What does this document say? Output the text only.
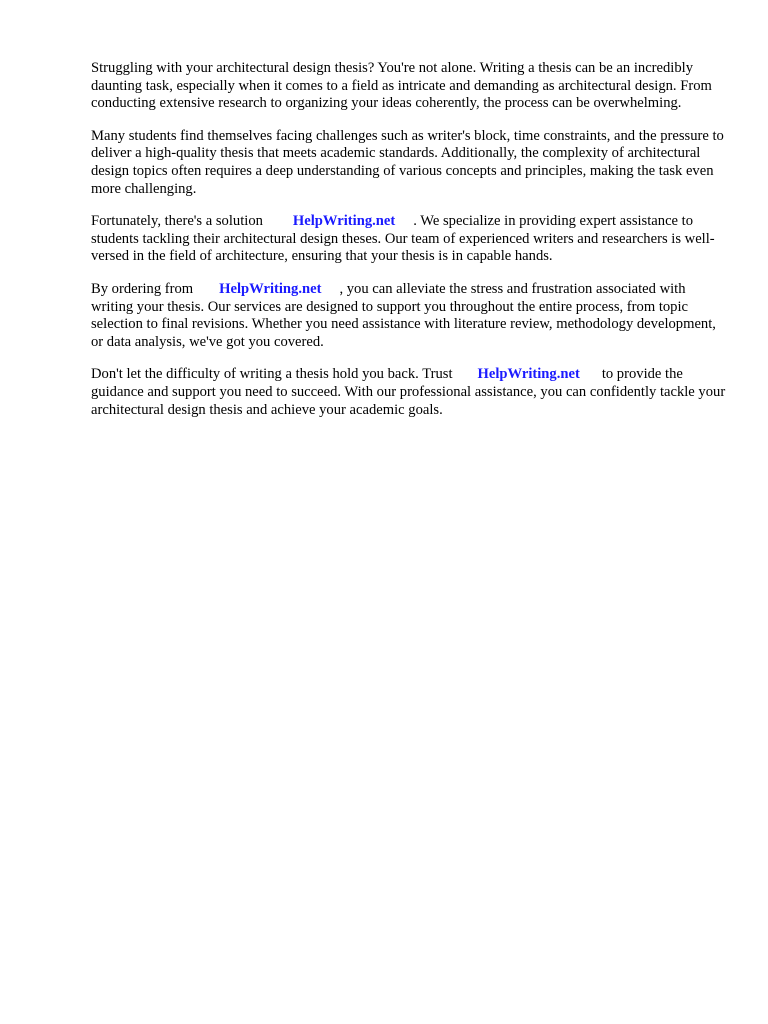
Struggling with your architectural design thesis? You're not alone. Writing a thesis can be an incredibly daunting task, especially when it comes to a field as intricate and demanding as architectural design. From conducting extensive research to organizing your ideas coherently, the process can be overwhelming.

Many students find themselves facing challenges such as writer's block, time constraints, and the pressure to deliver a high-quality thesis that meets academic standards. Additionally, the complexity of architectural design topics often requires a deep understanding of various concepts and principles, making the task even more challenging.

Fortunately, there's a solution HelpWriting.net . We specialize in providing expert assistance to students tackling their architectural design theses. Our team of experienced writers and researchers is well-versed in the field of architecture, ensuring that your thesis is in capable hands.

By ordering from HelpWriting.net , you can alleviate the stress and frustration associated with writing your thesis. Our services are designed to support you throughout the entire process, from topic selection to final revisions. Whether you need assistance with literature review, methodology development, or data analysis, we've got you covered.

Don't let the difficulty of writing a thesis hold you back. Trust HelpWriting.net to provide the guidance and support you need to succeed. With our professional assistance, you can confidently tackle your architectural design thesis and achieve your academic goals.
